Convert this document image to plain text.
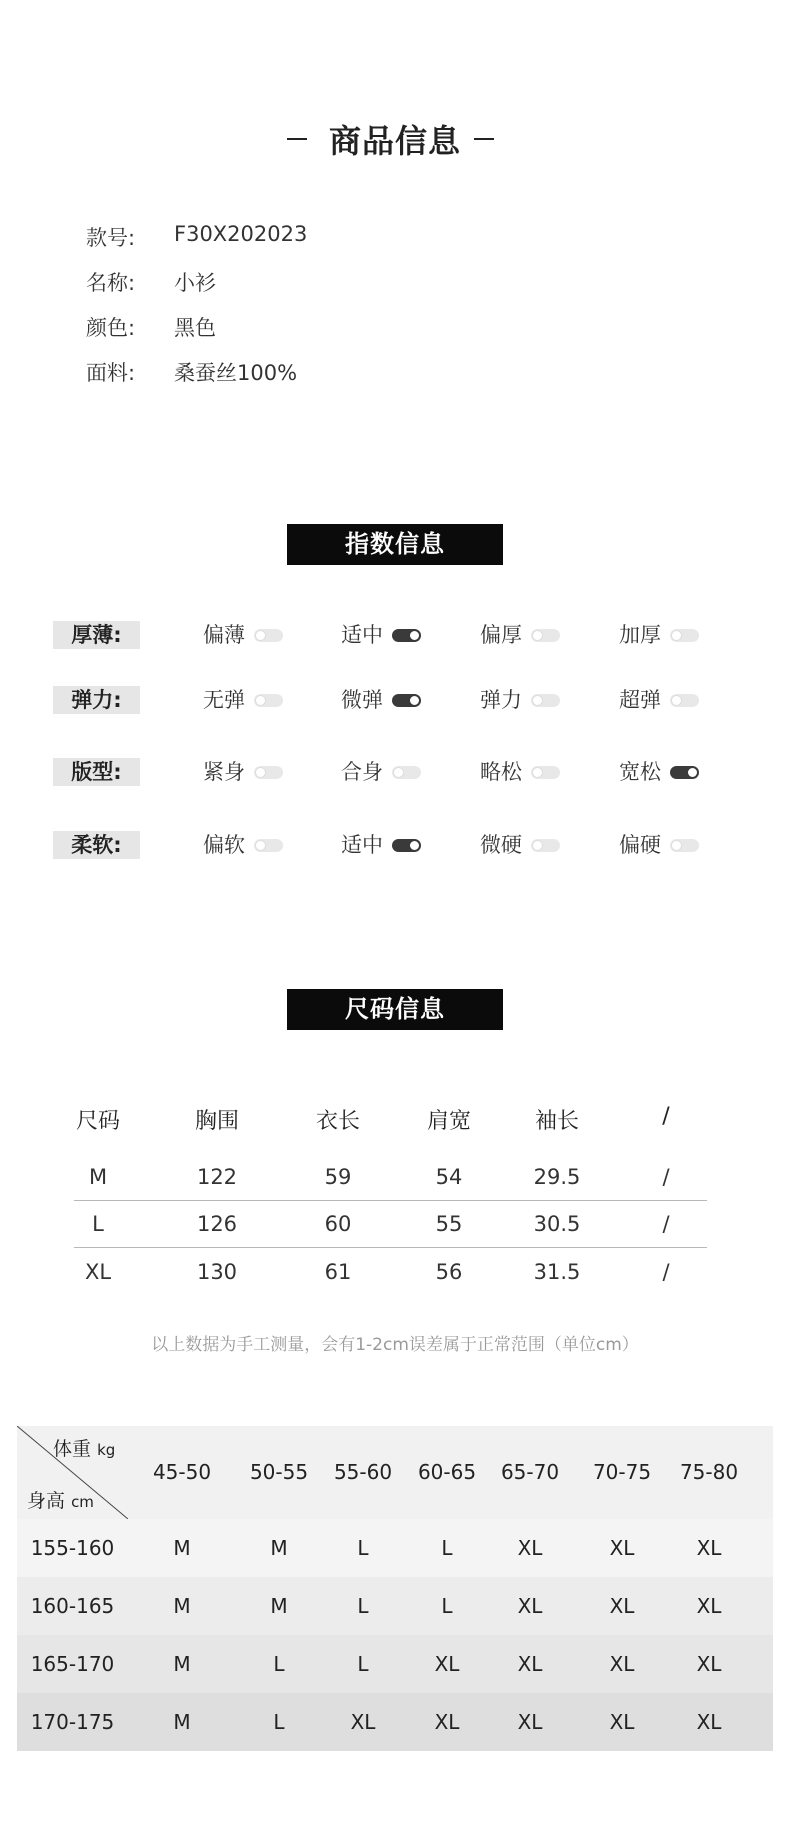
商品信息
指数信息
尺码信息
以上数据为手工测量，会有1-2cm误差属于正常范围（单位cm）
体重 kg
身高 cm
45-50	50-55	55-60	60-65	65-70	70-75	75-80
155-160	M	M	L	L	XL	XL	XL
160-165	M	M	L	L	XL	XL	XL
165-170	M	L	L	XL	XL	XL	XL
170-175	M	L	XL	XL	XL	XL	XL
款号: F30X202023
名称: 小衫
颜色: 黑色
面料: 桑蚕丝100%
厚薄:	偏薄	适中	偏厚	加厚
弹力:	无弹	微弹	弹力	超弹
版型:	紧身	合身	略松	宽松
柔软:	偏软	适中	微硬	偏硬
尺码	胸围	衣长	肩宽	袖长	/
M	122	59	54	29.5	/
L	126	60	55	30.5	/
XL	130	61	56	31.5	/
